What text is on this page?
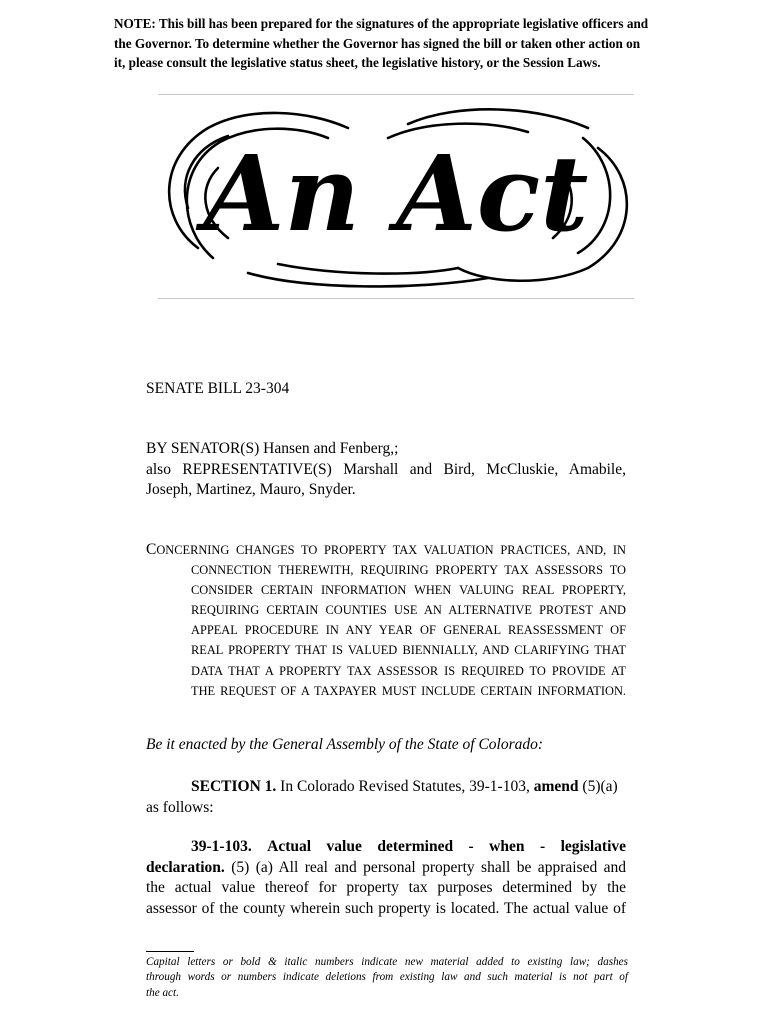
NOTE: This bill has been prepared for the signatures of the appropriate legislative officers and the Governor. To determine whether the Governor has signed the bill or taken other action on it, please consult the legislative status sheet, the legislative history, or the Session Laws.

An Act

SENATE BILL 23-304

BY SENATOR(S) Hansen and Fenberg,;
also REPRESENTATIVE(S) Marshall and Bird, McCluskie, Amabile,
Joseph, Martinez, Mauro, Snyder.
CONCERNING CHANGES TO PROPERTY TAX VALUATION PRACTICES, AND, IN
CONNECTION THEREWITH, REQUIRING PROPERTY TAX ASSESSORS TO
CONSIDER CERTAIN INFORMATION WHEN VALUING REAL PROPERTY,
REQUIRING CERTAIN COUNTIES USE AN ALTERNATIVE PROTEST AND
APPEAL PROCEDURE IN ANY YEAR OF GENERAL REASSESSMENT OF
REAL PROPERTY THAT IS VALUED BIENNIALLY, AND CLARIFYING THAT
DATA THAT A PROPERTY TAX ASSESSOR IS REQUIRED TO PROVIDE AT
THE REQUEST OF A TAXPAYER MUST INCLUDE CERTAIN INFORMATION.

Be it enacted by the General Assembly of the State of Colorado:

SECTION 1. In Colorado Revised Statutes, 39-1-103, amend (5)(a)
as follows:
39-1-103. Actual value determined - when - legislative
declaration. (5) (a) All real and personal property shall be appraised and
the actual value thereof for property tax purposes determined by the
assessor of the county wherein such property is located. The actual value of
Capital letters or bold & italic numbers indicate new material added to existing law; dashes
through words or numbers indicate deletions from existing law and such material is not part of
the act.
